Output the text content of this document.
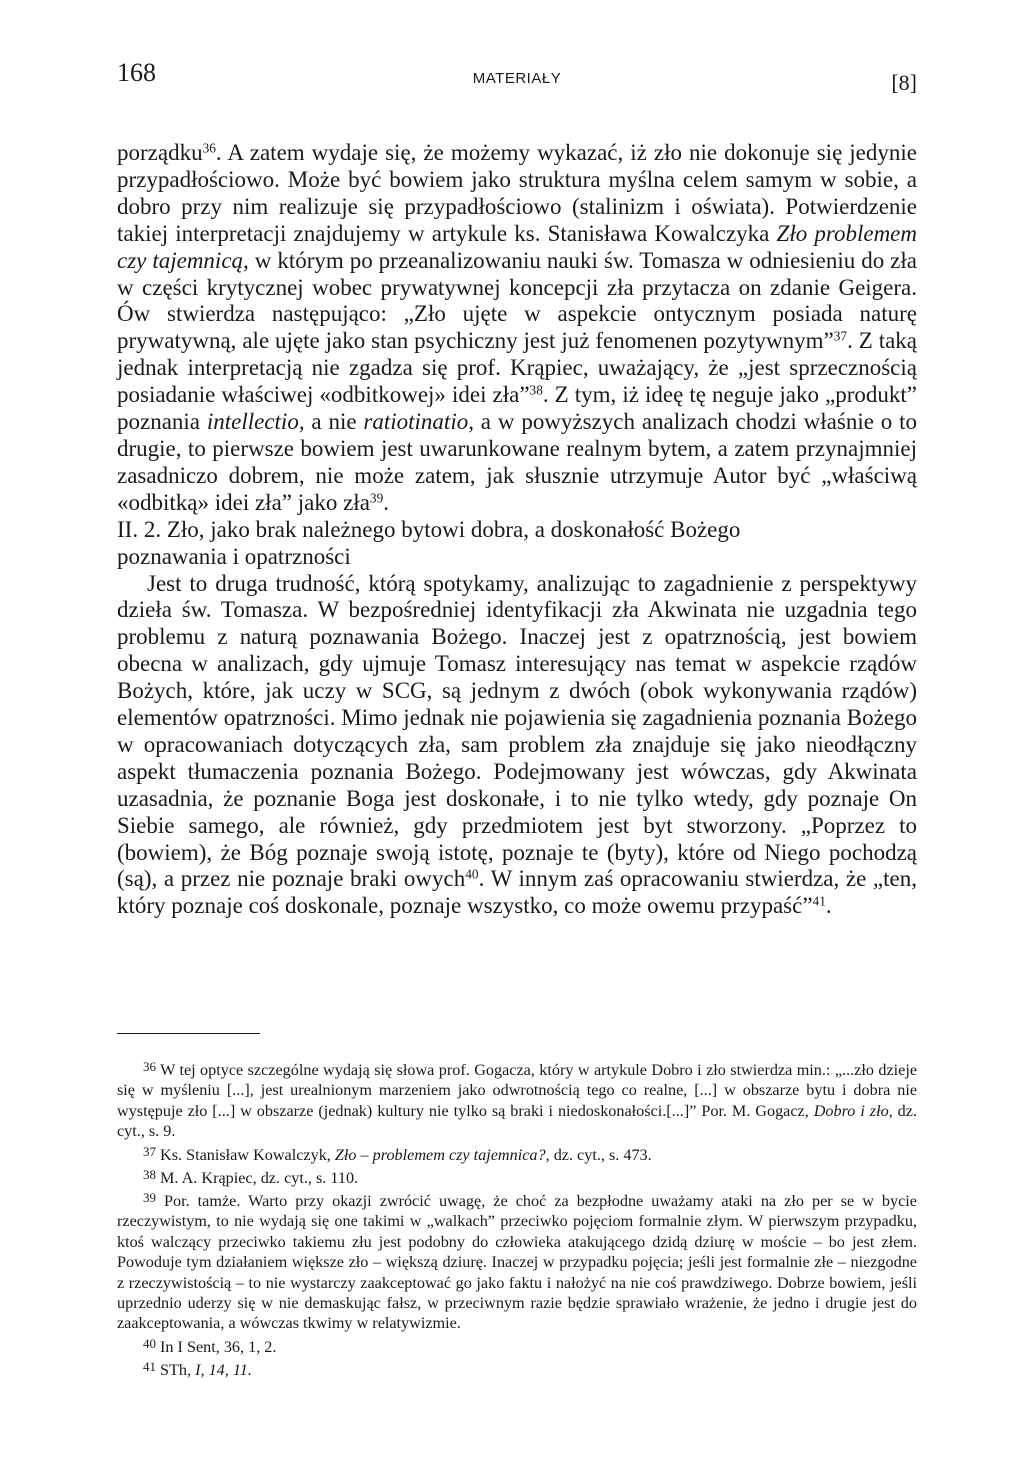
168	MATERIAŁY	[8]

porządku$^{36}$. A zatem wydaje się, że możemy wykazać, iż zło nie dokonuje się jedynie przypadłościowo. Może być bowiem jako struktura myślna celem samym w sobie, a dobro przy nim realizuje się przypadłościowo (stalinizm i oświata). Potwierdzenie takiej interpretacji znajdujemy w artykule ks. Stanisława Kowalczyka Zło problemem czy tajemnicą, w którym po przeanalizowaniu nauki św. Tomasza w odniesieniu do zła w części krytycznej wobec prywatywnej koncepcji zła przytacza on zdanie Geigera. Ów stwierdza następująco: „Zło ujęte w aspekcie ontycznym posiada naturę prywatywną, ale ujęte jako stan psychiczny jest już fenomenen pozytywnym”$^{37}$. Z taką jednak interpretacją nie zgadza się prof. Krąpiec, uważający, że „jest sprzecznością posiadanie właściwej «odbitkowej» idei zła”$^{38}$. Z tym, iż ideę tę neguje jako „produkt” poznania intellectio, a nie ratiotinatio, a w powyższych analizach chodzi właśnie o to drugie, to pierwsze bowiem jest uwarunkowane realnym bytem, a zatem przynajmniej zasadniczo dobrem, nie może zatem, jak słusznie utrzymuje Autor być „właściwą «odbitką» idei zła” jako zła$^{39}$.

II. 2. Zło, jako brak należnego bytowi dobra, a doskonałość Bożego
poznawania i opatrzności

Jest to druga trudność, którą spotykamy, analizując to zagadnienie z perspektywy dzieła św. Tomasza. W bezpośredniej identyfikacji zła Akwinata nie uzgadnia tego problemu z naturą poznawania Bożego. Inaczej jest z opatrznością, jest bowiem obecna w analizach, gdy ujmuje Tomasz interesujący nas temat w aspekcie rządów Bożych, które, jak uczy w SCG, są jednym z dwóch (obok wykonywania rządów) elementów opatrzności. Mimo jednak nie pojawienia się zagadnienia poznania Bożego w opracowaniach dotyczących zła, sam problem zła znajduje się jako nieodłączny aspekt tłumaczenia poznania Bożego. Podejmowany jest wówczas, gdy Akwinata uzasadnia, że poznanie Boga jest doskonałe, i to nie tylko wtedy, gdy poznaje On Siebie samego, ale również, gdy przedmiotem jest byt stworzony. „Poprzez to (bowiem), że Bóg poznaje swoją istotę, poznaje te (byty), które od Niego pochodzą (są), a przez nie poznaje braki owych$^{40}$. W innym zaś opracowaniu stwierdza, że „ten, który poznaje coś doskonale, poznaje wszystko, co może owemu przypaść”$^{41}$.

$^{36}$ W tej optyce szczególne wydają się słowa prof. Gogacza, który w artykule Dobro i zło stwierdza min.: „...zło dzieje się w myśleniu [...], jest urealnionym marzeniem jako odwrotnością tego co realne, [...] w obszarze bytu i dobra nie występuje zło [...] w obszarze (jednak) kultury nie tylko są braki i niedoskonałości.[...]” Por. M. Gogacz, Dobro i zło, dz. cyt., s. 9.

$^{37}$ Ks. Stanisław Kowalczyk, Zło – problemem czy tajemnica?, dz. cyt., s. 473.

$^{38}$ M. A. Krąpiec, dz. cyt., s. 110.

$^{39}$ Por. tamże. Warto przy okazji zwrócić uwagę, że choć za bezpłodne uważamy ataki na zło per se w bycie rzeczywistym, to nie wydają się one takimi w „walkach” przeciwko pojęciom formalnie złym. W pierwszym przypadku, ktoś walczący przeciwko takiemu złu jest podobny do człowieka atakującego dzidą dziurę w moście – bo jest złem. Powoduje tym działaniem większe zło – większą dziurę. Inaczej w przypadku pojęcia; jeśli jest formalnie złe – niezgodne z rzeczywistością – to nie wystarczy zaakceptować go jako faktu i nałożyć na nie coś prawdziwego. Dobrze bowiem, jeśli uprzednio uderzy się w nie demaskując fałsz, w przeciwnym razie będzie sprawiało wrażenie, że jedno i drugie jest do zaakceptowania, a wówczas tkwimy w relatywizmie.

$^{40}$ In I Sent, 36, 1, 2.

$^{41}$ STh, I, 14, 11.
